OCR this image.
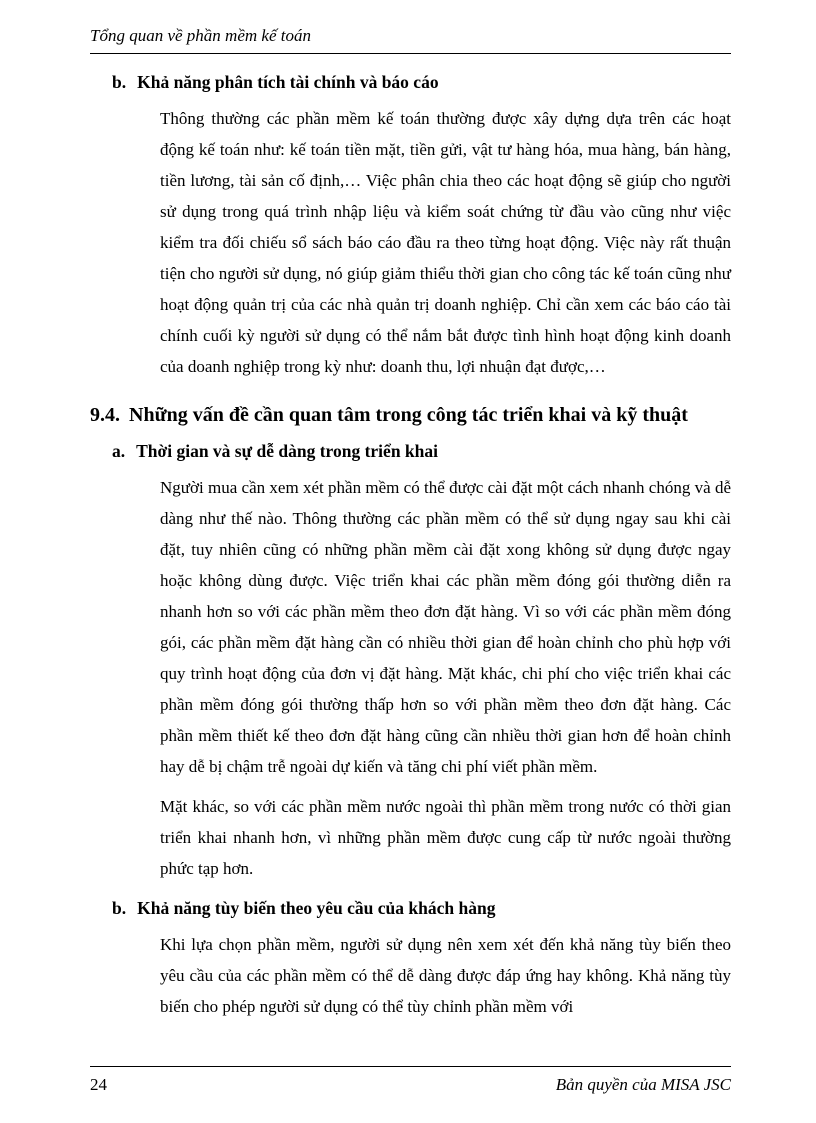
Tổng quan về phần mềm kế toán
b. Khả năng phân tích tài chính và báo cáo

Thông thường các phần mềm kế toán thường được xây dựng dựa trên các hoạt động kế toán như: kế toán tiền mặt, tiền gửi, vật tư hàng hóa, mua hàng, bán hàng, tiền lương, tài sản cố định,… Việc phân chia theo các hoạt động sẽ giúp cho người sử dụng trong quá trình nhập liệu và kiểm soát chứng từ đầu vào cũng như việc kiểm tra đối chiếu sổ sách báo cáo đầu ra theo từng hoạt động. Việc này rất thuận tiện cho người sử dụng, nó giúp giảm thiểu thời gian cho công tác kế toán cũng như hoạt động quản trị của các nhà quản trị doanh nghiệp. Chỉ cần xem các báo cáo tài chính cuối kỳ người sử dụng có thể nắm bắt được tình hình hoạt động kinh doanh của doanh nghiệp trong kỳ như: doanh thu, lợi nhuận đạt được,…

9.4. Những vấn đề cần quan tâm trong công tác triển khai và kỹ thuật
a. Thời gian và sự dễ dàng trong triển khai

Người mua cần xem xét phần mềm có thể được cài đặt một cách nhanh chóng và dễ dàng như thế nào. Thông thường các phần mềm có thể sử dụng ngay sau khi cài đặt, tuy nhiên cũng có những phần mềm cài đặt xong không sử dụng được ngay hoặc không dùng được. Việc triển khai các phần mềm đóng gói thường diễn ra nhanh hơn so với các phần mềm theo đơn đặt hàng. Vì so với các phần mềm đóng gói, các phần mềm đặt hàng cần có nhiều thời gian để hoàn chỉnh cho phù hợp với quy trình hoạt động của đơn vị đặt hàng. Mặt khác, chi phí cho việc triển khai các phần mềm đóng gói thường thấp hơn so với phần mềm theo đơn đặt hàng. Các phần mềm thiết kế theo đơn đặt hàng cũng cần nhiều thời gian hơn để hoàn chỉnh hay dễ bị chậm trễ ngoài dự kiến và tăng chi phí viết phần mềm.

Mặt khác, so với các phần mềm nước ngoài thì phần mềm trong nước có thời gian triển khai nhanh hơn, vì những phần mềm được cung cấp từ nước ngoài thường phức tạp hơn.

b. Khả năng tùy biến theo yêu cầu của khách hàng

Khi lựa chọn phần mềm, người sử dụng nên xem xét đến khả năng tùy biến theo yêu cầu của các phần mềm có thể dễ dàng được đáp ứng hay không. Khả năng tùy biến cho phép người sử dụng có thể tùy chỉnh phần mềm với

24	Bản quyền của MISA JSC
